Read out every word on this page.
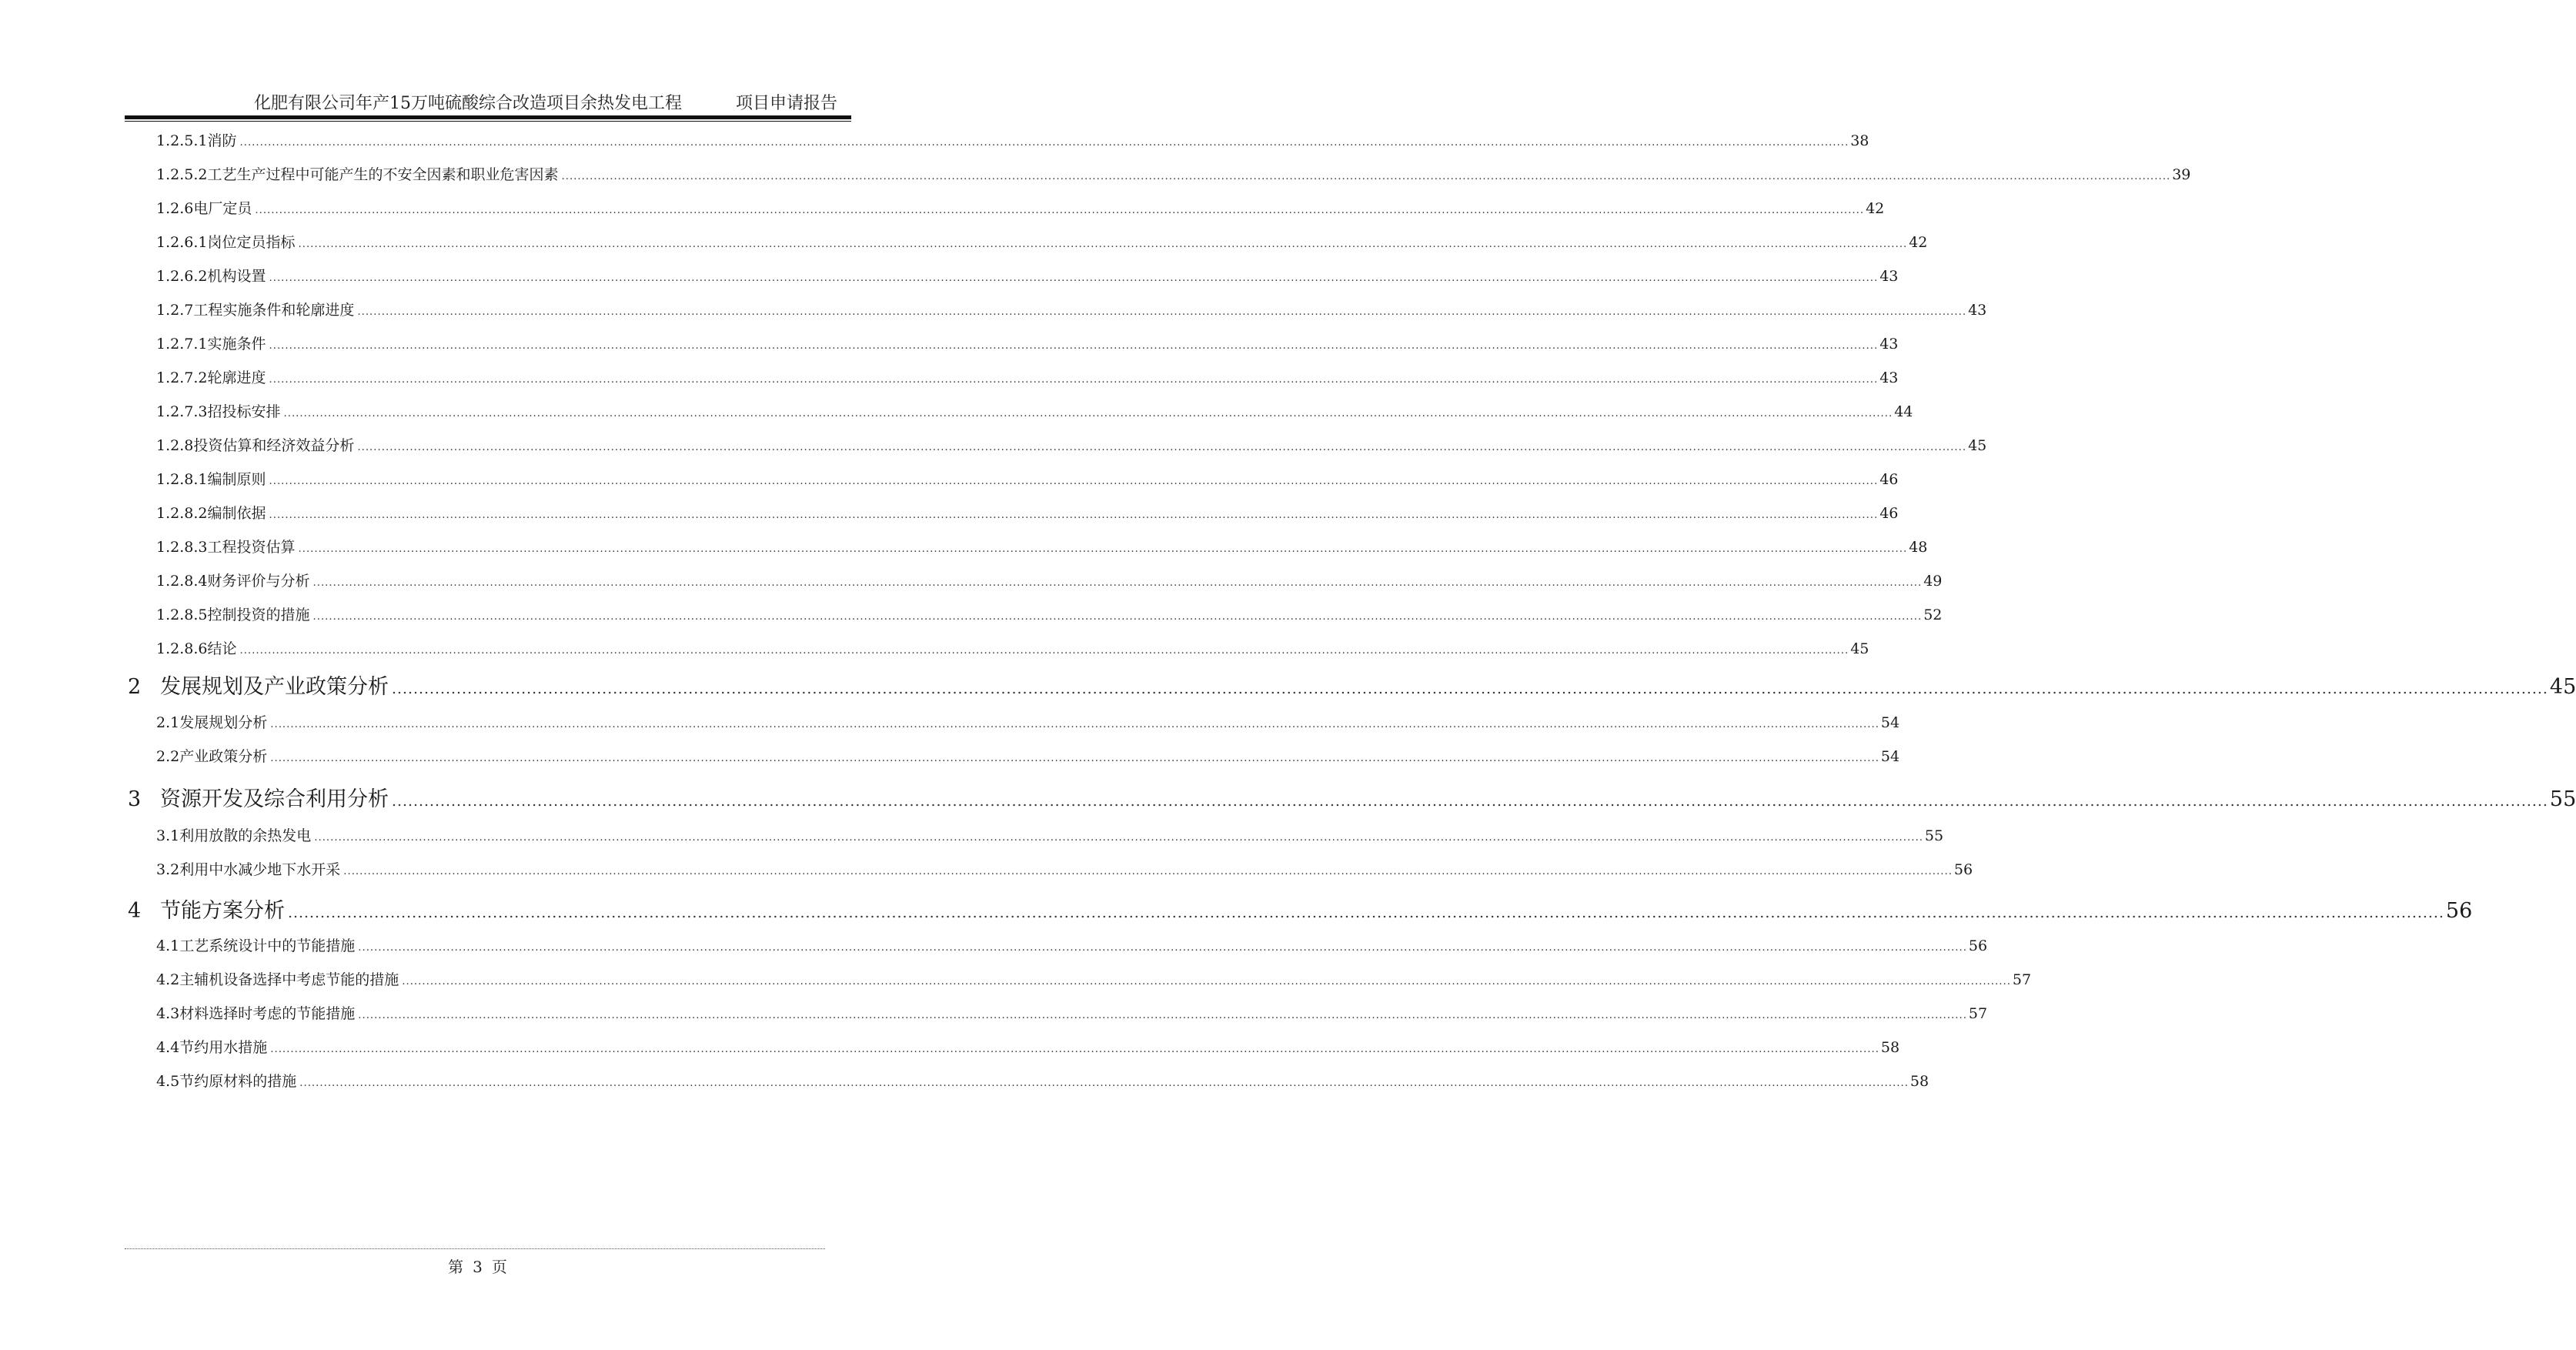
化肥有限公司年产15万吨硫酸综合改造项目余热发电工程	项目申请报告
1.2.5.1 消防 ................................................................................................................................................................................................................................................................................................................................................................................................................ 38
1.2.5.2 工艺生产过程中可能产生的不安全因素和职业危害因素 ................................................................................................................................................................................................................................................................................................................................................................................................................ 39
1.2.6 电厂定员 ................................................................................................................................................................................................................................................................................................................................................................................................................ 42
1.2.6.1 岗位定员指标 ................................................................................................................................................................................................................................................................................................................................................................................................................ 42
1.2.6.2 机构设置 ................................................................................................................................................................................................................................................................................................................................................................................................................ 43
1.2.7 工程实施条件和轮廓进度 ................................................................................................................................................................................................................................................................................................................................................................................................................ 43
1.2.7.1 实施条件 ................................................................................................................................................................................................................................................................................................................................................................................................................ 43
1.2.7.2 轮廓进度 ................................................................................................................................................................................................................................................................................................................................................................................................................ 43
1.2.7.3 招投标安排 ................................................................................................................................................................................................................................................................................................................................................................................................................ 44
1.2.8 投资估算和经济效益分析 ................................................................................................................................................................................................................................................................................................................................................................................................................ 45
1.2.8.1 编制原则 ................................................................................................................................................................................................................................................................................................................................................................................................................ 46
1.2.8.2 编制依据 ................................................................................................................................................................................................................................................................................................................................................................................................................ 46
1.2.8.3 工程投资估算 ................................................................................................................................................................................................................................................................................................................................................................................................................ 48
1.2.8.4 财务评价与分析 ................................................................................................................................................................................................................................................................................................................................................................................................................ 49
1.2.8.5 控制投资的措施 ................................................................................................................................................................................................................................................................................................................................................................................................................ 52
1.2.8.6 结论 ................................................................................................................................................................................................................................................................................................................................................................................................................ 45
2 发展规划及产业政策分析 ................................................................................................................................................................................................................................................................................................................................................................................................................ 45
2.1 发展规划分析 ................................................................................................................................................................................................................................................................................................................................................................................................................ 54
2.2 产业政策分析 ................................................................................................................................................................................................................................................................................................................................................................................................................ 54
3 资源开发及综合利用分析 ................................................................................................................................................................................................................................................................................................................................................................................................................ 55
3.1 利用放散的余热发电 ................................................................................................................................................................................................................................................................................................................................................................................................................ 55
3.2 利用中水减少地下水开采 ................................................................................................................................................................................................................................................................................................................................................................................................................ 56
4 节能方案分析 ................................................................................................................................................................................................................................................................................................................................................................................................................ 56
4.1 工艺系统设计中的节能措施 ................................................................................................................................................................................................................................................................................................................................................................................................................ 56
4.2 主辅机设备选择中考虑节能的措施 ................................................................................................................................................................................................................................................................................................................................................................................................................ 57
4.3 材料选择时考虑的节能措施 ................................................................................................................................................................................................................................................................................................................................................................................................................ 57
4.4 节约用水措施 ................................................................................................................................................................................................................................................................................................................................................................................................................ 58
4.5 节约原材料的措施 ................................................................................................................................................................................................................................................................................................................................................................................................................ 58
第 3 页
